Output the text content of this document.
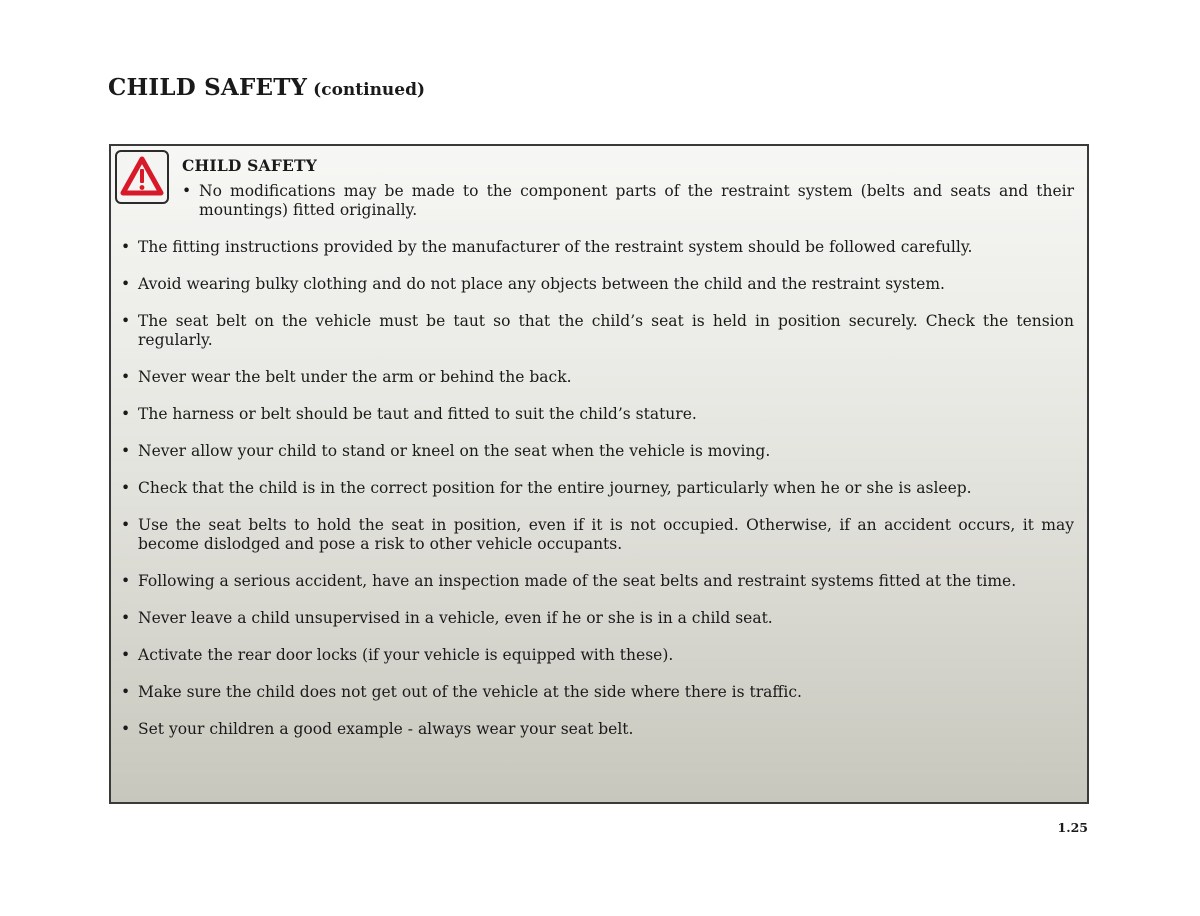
CHILD SAFETY (continued)
CHILD SAFETY
• No modifications may be made to the component parts of the restraint system (belts and seats and their mountings) fitted originally.
• The fitting instructions provided by the manufacturer of the restraint system should be followed carefully.
• Avoid wearing bulky clothing and do not place any objects between the child and the restraint system.
• The seat belt on the vehicle must be taut so that the child’s seat is held in position securely. Check the tension regularly.
• Never wear the belt under the arm or behind the back.
• The harness or belt should be taut and fitted to suit the child’s stature.
• Never allow your child to stand or kneel on the seat when the vehicle is moving.
• Check that the child is in the correct position for the entire journey, particularly when he or she is asleep.
• Use the seat belts to hold the seat in position, even if it is not occupied. Otherwise, if an accident occurs, it may become dislodged and pose a risk to other vehicle occupants.
• Following a serious accident, have an inspection made of the seat belts and restraint systems fitted at the time.
• Never leave a child unsupervised in a vehicle, even if he or she is in a child seat.
• Activate the rear door locks (if your vehicle is equipped with these).
• Make sure the child does not get out of the vehicle at the side where there is traffic.
• Set your children a good example - always wear your seat belt.
1.25
